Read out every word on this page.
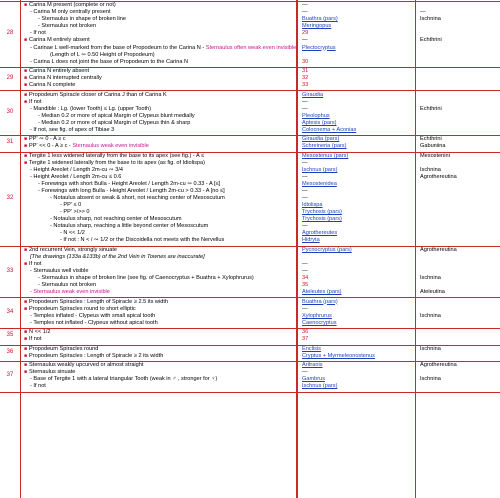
28
■ Carina M present (complete or not)
- Carina M only centrally present
- Sternaulus in shape of broken line
- Sternaulus not broken
- If not
■ Carina M entirely absent
- Carinae L well-marked from the base of Propodeum to the Carina N - Sternaulus often weak even invisible
(Length of L ∾ 0.50 Height of Propodeum)
- Carina L does not joint the base of Propodeum to the Carina N
—
—
Buathra (pars)
Meringopus
29
—
Plectocryptus
30
—
Ischnina
Echthrini
29
■ Carina N entirely absent
■ Carina N interrupted centrally
■ Carina N complete
31
32
33
30
■ Propodeum Spiracle closer of Carina J than of Carina K
■ If not
- Mandible : Lg. (lower Tooth) ≤ Lg. (upper Tooth)
- Median 0.2 or more of apical Margin of Clypeus blunt medially
- Median 0.2 or more of apical Margin of Clypeus thin & sharp
- If not, see fig. of apex of Tibiae 3
Giraudia
—
—
Pleolophus
Aptesis (pars)
Colocnema + Aconias
Echthrini
31
■ PP' ∾ 0 - A ≥ c
■ PP' << 0 - A ≥ c - Sternaulus weak even invisible
Giraudia (pars)
Schreineria (pars)
Echthrini
Gabuniina
32
■ Tergite 1 less widened laterally from the base to its apex (see fig.) - A ≤
■ Tergite 1 widened laterally from the base to its apex (as fig. of Idiolispa)
- Height Areolet / Length 2m-cu ∾ 3/4
- Height Areolet / Length 2m-cu ≤ 0.6
- Forewings with short Bulla - Height Areolet / Length 2m-cu ∾ 0.33 - A [≤]
- Forewings with long Bulla - Height Areolet / Length 2m-cu > 0.33 - A [no ≤]
- Notaulus absent or weak & short, not reaching center of Mesoscutum
- PP' ≤ 0
- PP' >/>> 0
- Notaulus sharp, not reaching center of Mesoscutum
- Notaulus sharp, reaching a little beyond center of Mesoscutum
- N << 1/2
- If not : N < / ∾ 1/2 or the Discoidella not meets with the Nervellus
Mesostenus (pars)
—
Ischnus (pars)
—
Mesostenidea
—
—
Idiolispa
Trychosis (pars)
Trychosis (pars)
—
Agrothereutes
Hidryta
Mesostenini
Ischnina
Agrothereutina
33
■ 2nd recurrent Vein, strongly sinuate
[The drawings (133a &133b) of the 2nd Vein in Townes are inaccurate]
■ If not
- Sternaulus well visible
- Sternaulus in shape of broken line (see fig. of Caenocryptus + Buathra + Xylophrurus)
- Sternaulus not broken
- Sternaulus weak even invisible
Pycnocryptus (pars)
—
—
34
35
Ateleutes (pars)
Agrothereutina
Ischnina
Ateleutina
34
■ Propodeum Spiracles : Length of Spiracle ≥ 2.5 its width
■ Propodeum Spiracles round to short elliptic
- Temples inflated - Clypeus with small apical tooth
- Temples not inflated - Clypeus without apical tooth
Buathra (pars)
—
Xylophrurus
Caenocryptus
Ischnina
35
■ N << 1/2
■ If not
36
37
36
■ Propodeum Spiracles round
■ Propodeum Spiracles : Length of Spiracle ≥ 2 its width
Enclisis
Cryptus + Myrmeleonostenus
Ischnina
37
■ Sternaulus weakly upcurved or almost straight
■ Sternaulus sinuate
- Base of Tergite 1 with a lateral triangular Tooth (weak in ♂ , stronger for ♀)
- If not
Aritranis
—
Gambrus
Ischnus (pars)
Agrothereutina
Ischnina
